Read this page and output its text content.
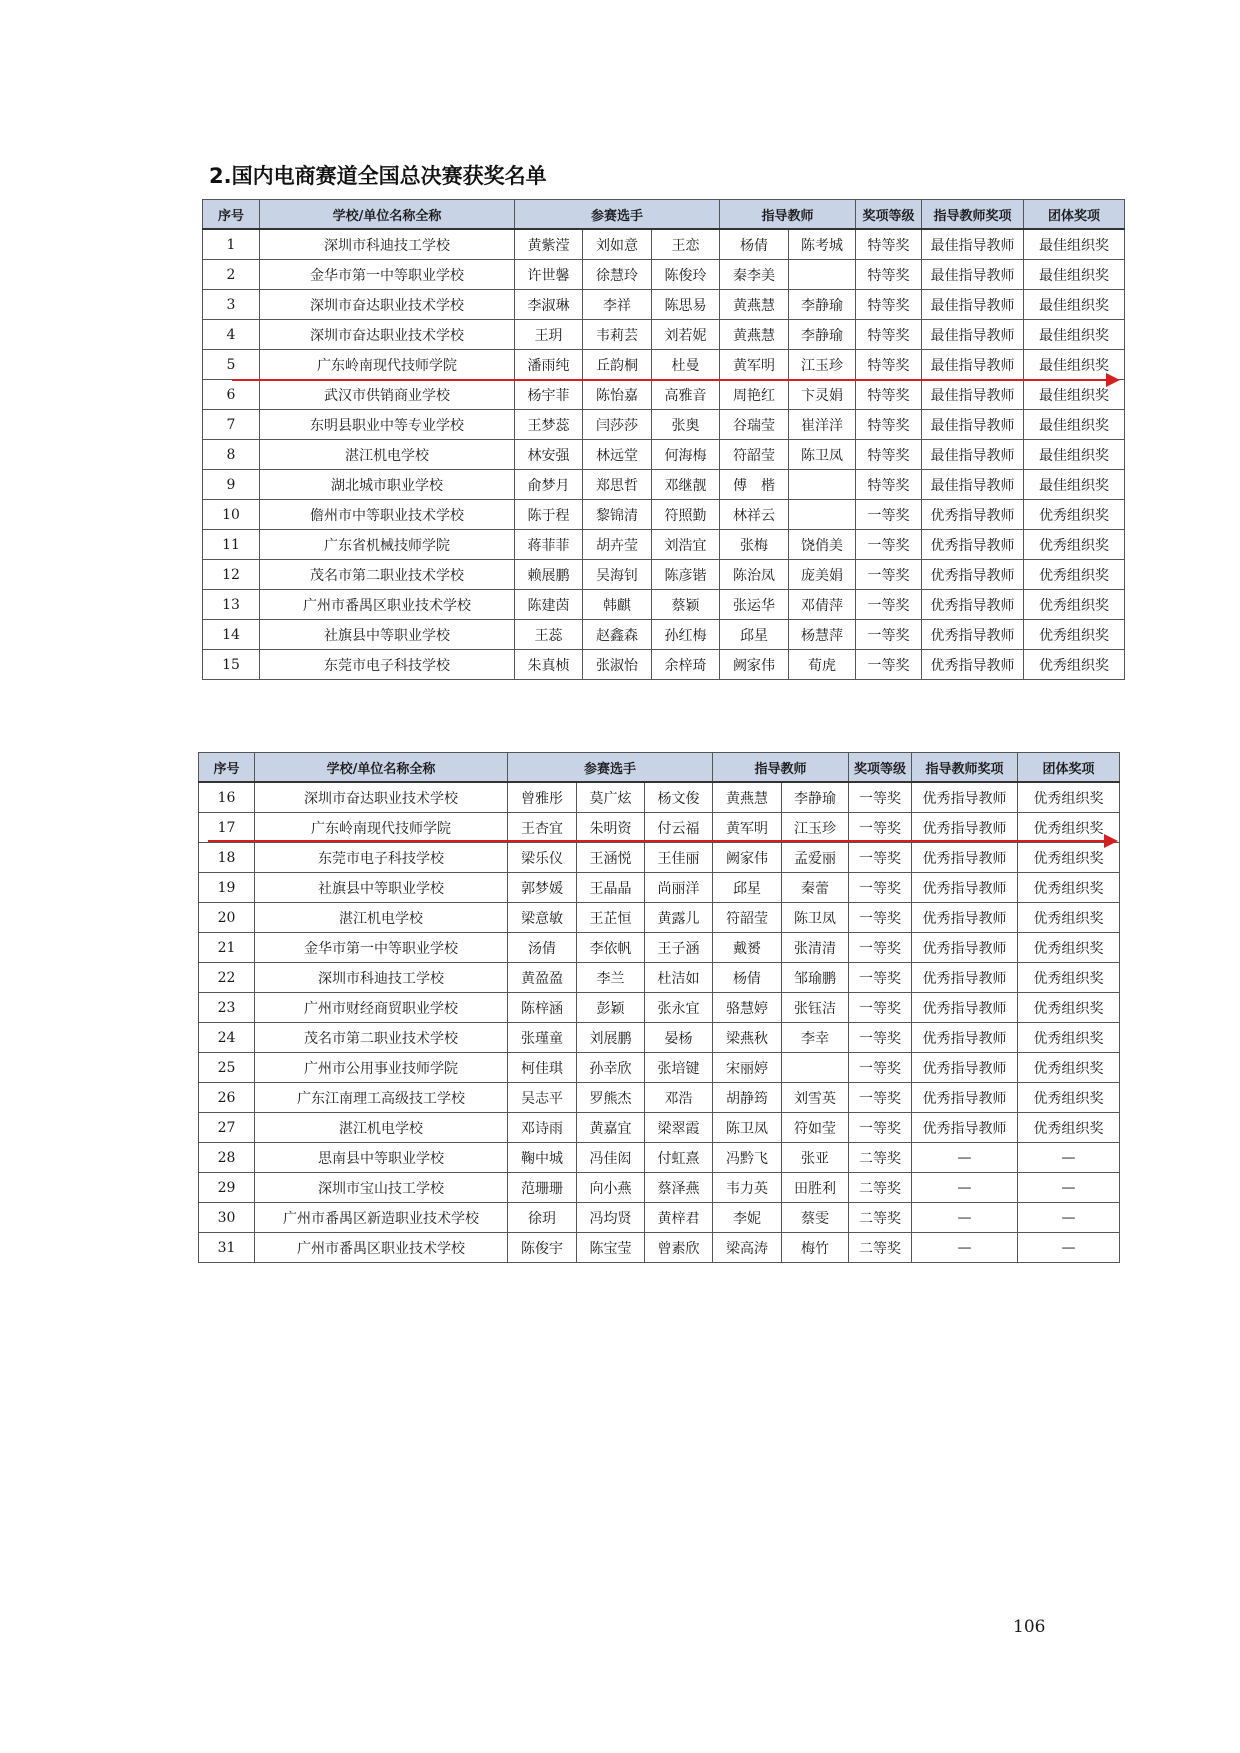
2.国内电商赛道全国总决赛获奖名单
序号	学校/单位名称全称	参赛选手			指导教师		奖项等级	指导教师奖项	团体奖项
1	深圳市科迪技工学校	黄紫滢	刘如意	王恋	杨倩	陈考城	特等奖	最佳指导教师	最佳组织奖
2	金华市第一中等职业学校	许世馨	徐慧玲	陈俊玲	秦李美		特等奖	最佳指导教师	最佳组织奖
3	深圳市奋达职业技术学校	李淑琳	李祥	陈思易	黄燕慧	李静瑜	特等奖	最佳指导教师	最佳组织奖
4	深圳市奋达职业技术学校	王玥	韦莉芸	刘若妮	黄燕慧	李静瑜	特等奖	最佳指导教师	最佳组织奖
5	广东岭南现代技师学院	潘雨纯	丘韵桐	杜曼	黄军明	江玉珍	特等奖	最佳指导教师	最佳组织奖
6	武汉市供销商业学校	杨宇菲	陈怡嘉	高雅音	周艳红	卞灵娟	特等奖	最佳指导教师	最佳组织奖
7	东明县职业中等专业学校	王梦蕊	闫莎莎	张奥	谷瑞莹	崔洋洋	特等奖	最佳指导教师	最佳组织奖
8	湛江机电学校	林安强	林远堂	何海梅	符韶莹	陈卫凤	特等奖	最佳指导教师	最佳组织奖
9	湖北城市职业学校	俞梦月	郑思哲	邓继靓	傅　楷		特等奖	最佳指导教师	最佳组织奖
10	儋州市中等职业技术学校	陈于程	黎锦清	符照勤	林祥云		一等奖	优秀指导教师	优秀组织奖
11	广东省机械技师学院	蒋菲菲	胡卉莹	刘浩宜	张梅	饶俏美	一等奖	优秀指导教师	优秀组织奖
12	茂名市第二职业技术学校	赖展鹏	吴海钊	陈彦锴	陈治凤	庞美娟	一等奖	优秀指导教师	优秀组织奖
13	广州市番禺区职业技术学校	陈建茵	韩麒	蔡颖	张运华	邓倩萍	一等奖	优秀指导教师	优秀组织奖
14	社旗县中等职业学校	王蕊	赵鑫森	孙红梅	邱星	杨慧萍	一等奖	优秀指导教师	优秀组织奖
15	东莞市电子科技学校	朱真桢	张淑怡	余梓琦	阙家伟	荀虎	一等奖	优秀指导教师	优秀组织奖
序号	学校/单位名称全称	参赛选手			指导教师		奖项等级	指导教师奖项	团体奖项
16	深圳市奋达职业技术学校	曾雅彤	莫广炫	杨文俊	黄燕慧	李静瑜	一等奖	优秀指导教师	优秀组织奖
17	广东岭南现代技师学院	王杏宜	朱明资	付云福	黄军明	江玉珍	一等奖	优秀指导教师	优秀组织奖
18	东莞市电子科技学校	梁乐仪	王涵悦	王佳丽	阙家伟	孟爱丽	一等奖	优秀指导教师	优秀组织奖
19	社旗县中等职业学校	郭梦媛	王晶晶	尚丽洋	邱星	秦蕾	一等奖	优秀指导教师	优秀组织奖
20	湛江机电学校	梁意敏	王芷恒	黄露儿	符韶莹	陈卫凤	一等奖	优秀指导教师	优秀组织奖
21	金华市第一中等职业学校	汤倩	李依帆	王子涵	戴赟	张清清	一等奖	优秀指导教师	优秀组织奖
22	深圳市科迪技工学校	黄盈盈	李兰	杜洁如	杨倩	邹瑜鹏	一等奖	优秀指导教师	优秀组织奖
23	广州市财经商贸职业学校	陈梓涵	彭颖	张永宜	骆慧婷	张钰洁	一等奖	优秀指导教师	优秀组织奖
24	茂名市第二职业技术学校	张瑾童	刘展鹏	晏杨	梁燕秋	李幸	一等奖	优秀指导教师	优秀组织奖
25	广州市公用事业技师学院	柯佳琪	孙幸欣	张培键	宋丽婷		一等奖	优秀指导教师	优秀组织奖
26	广东江南理工高级技工学校	吴志平	罗熊杰	邓浩	胡静筠	刘雪英	一等奖	优秀指导教师	优秀组织奖
27	湛江机电学校	邓诗雨	黄嘉宜	梁翠霞	陈卫凤	符如莹	一等奖	优秀指导教师	优秀组织奖
28	思南县中等职业学校	鞠中城	冯佳闳	付虹熹	冯黔飞	张亚	二等奖	—	—
29	深圳市宝山技工学校	范珊珊	向小燕	蔡泽燕	韦力英	田胜利	二等奖	—	—
30	广州市番禺区新造职业技术学校	徐玥	冯均贤	黄梓君	李妮	蔡雯	二等奖	—	—
31	广州市番禺区职业技术学校	陈俊宇	陈宝莹	曾素欣	梁高涛	梅竹	二等奖	—	—
106
